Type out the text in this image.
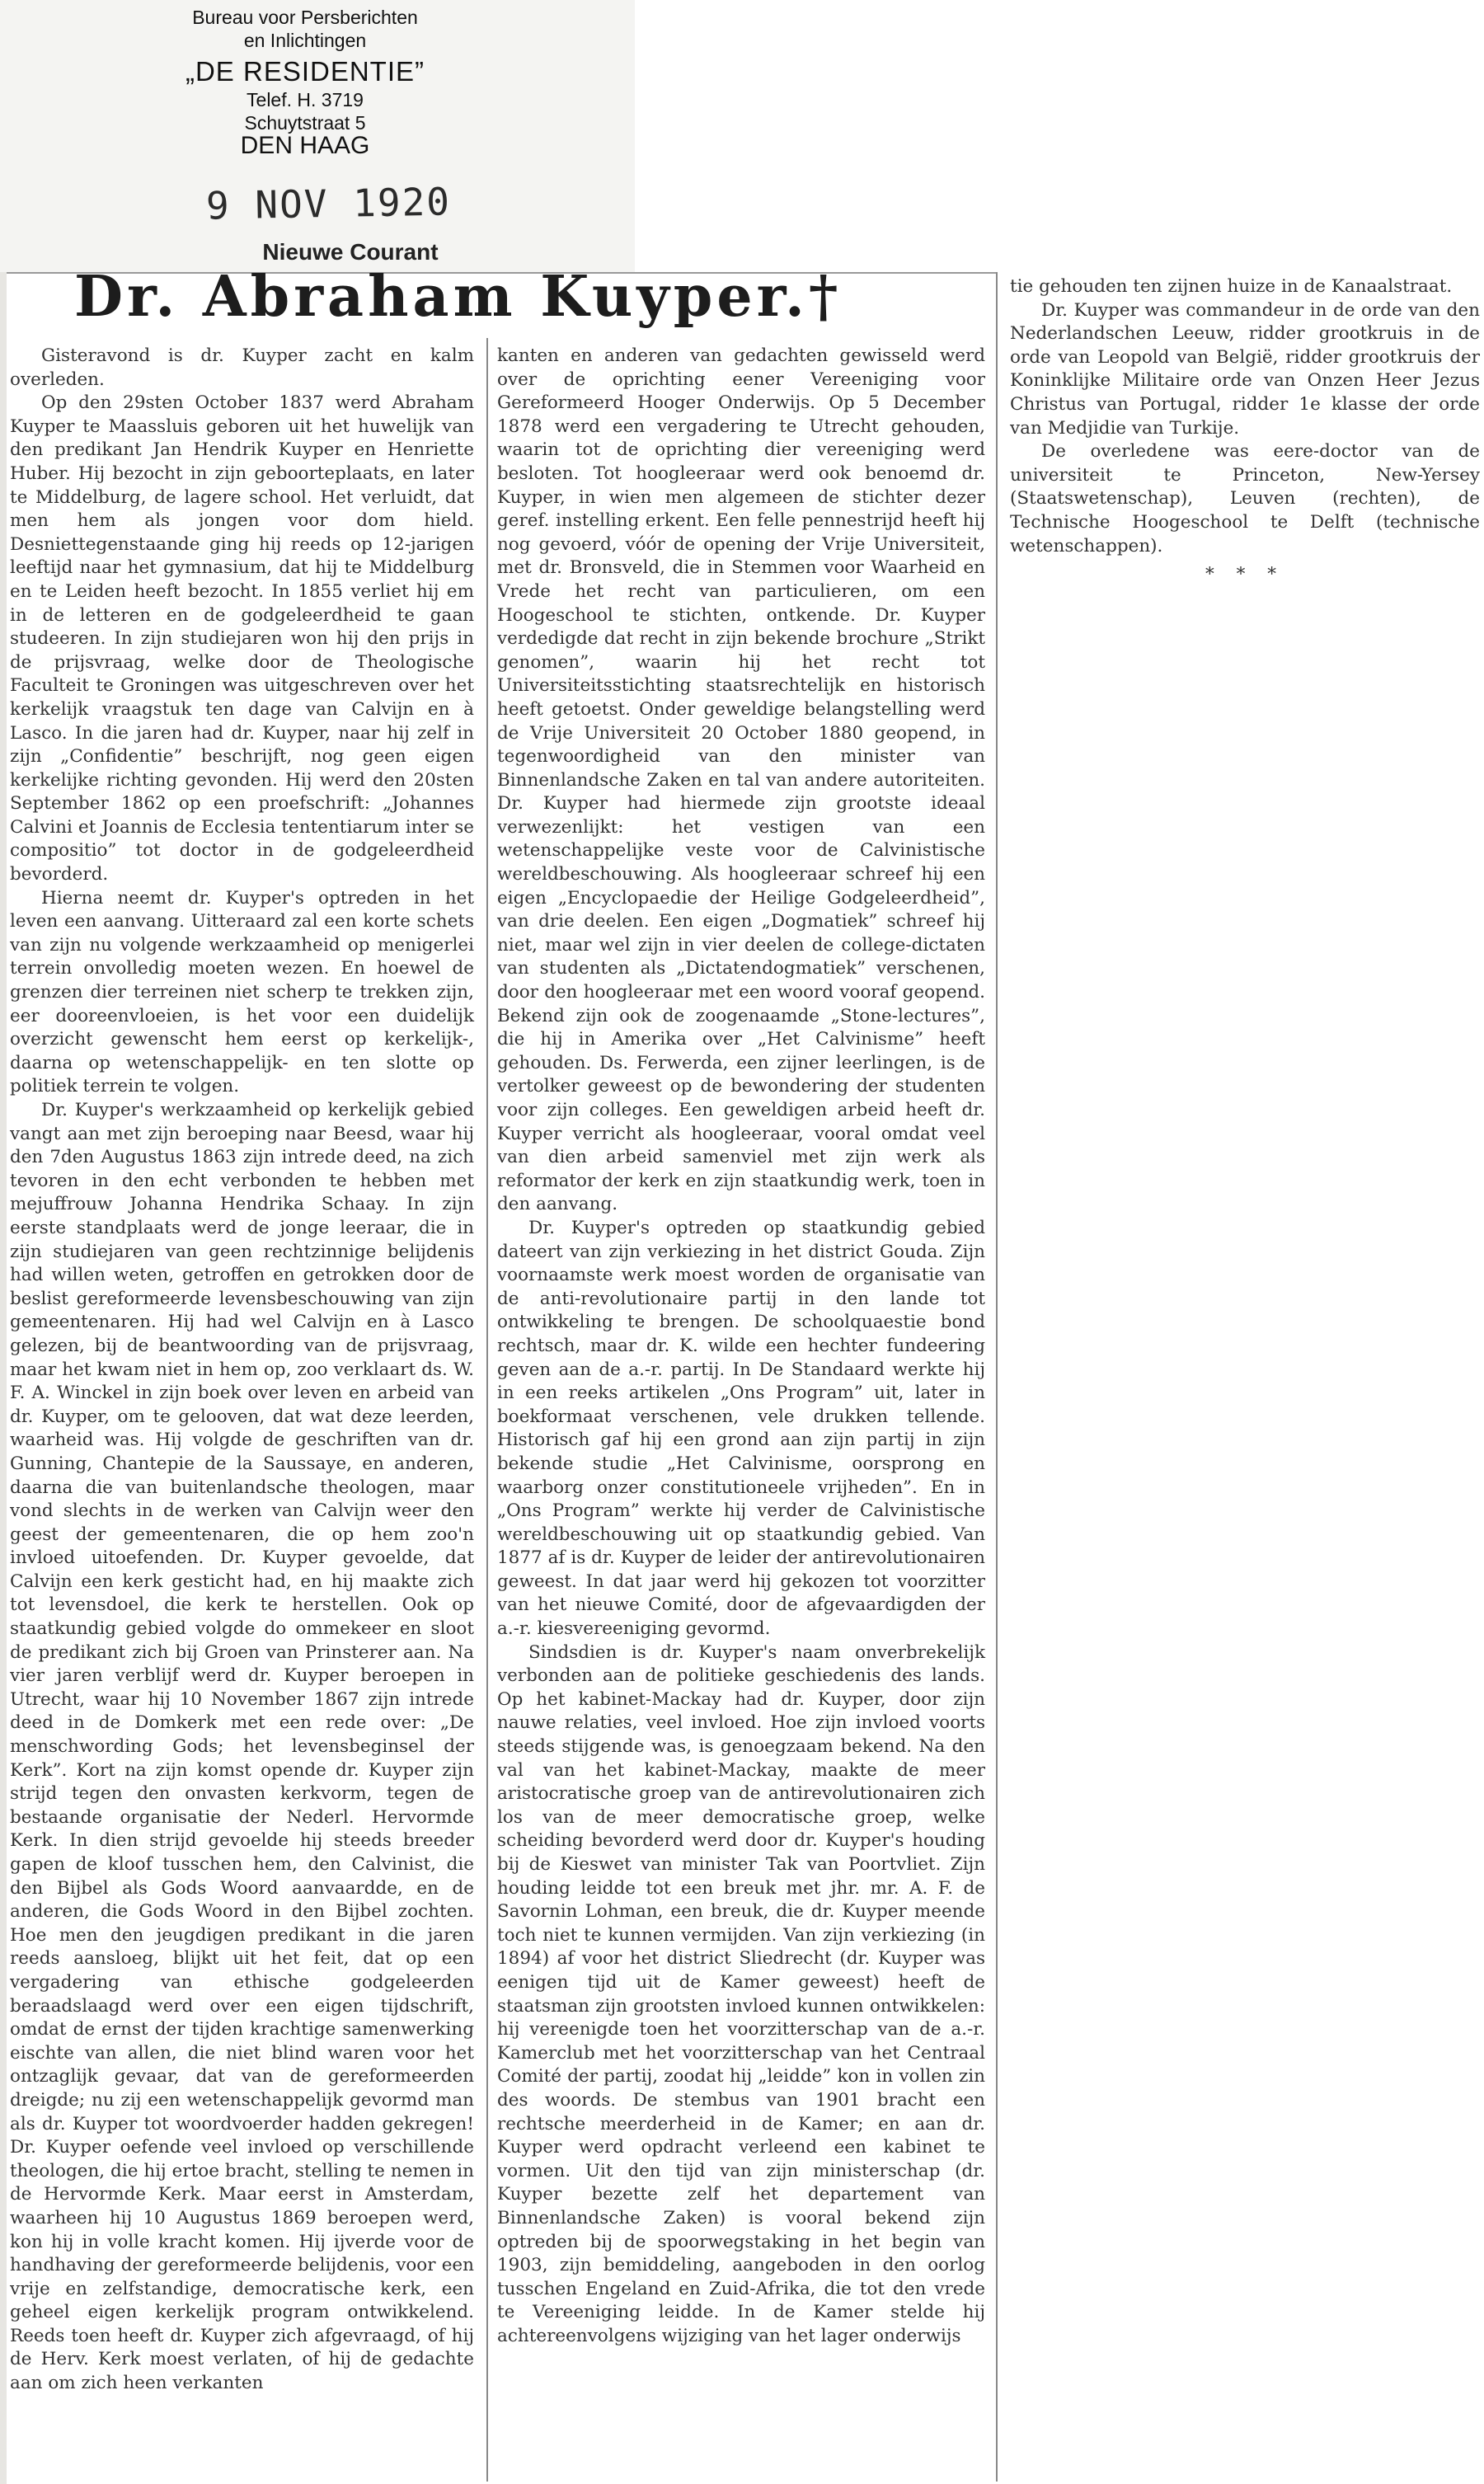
Bureau voor Persberichten
en Inlichtingen
„DE RESIDENTIE”
Telef. H. 3719
Schuytstraat 5
DEN HAAG
9 NOV 1920
Nieuwe Courant
Dr. Abraham Kuyper.†

Gisteravond is dr. Kuyper zacht en kalm overleden.

Op den 29sten October 1837 werd Abraham Kuyper te Maassluis geboren uit het huwelijk van den predikant Jan Hendrik Kuyper en Henriette Huber. Hij bezocht in zijn geboorteplaats, en later te Middelburg, de lagere school. Het verluidt, dat men hem als jongen voor dom hield. Desniettegenstaande ging hij reeds op 12-jarigen leeftijd naar het gymnasium, dat hij te Middelburg en te Leiden heeft bezocht. In 1855 verliet hij em in de letteren en de godgeleerdheid te gaan studeeren. In zijn studiejaren won hij den prijs in de prijsvraag, welke door de Theologische Faculteit te Groningen was uitgeschreven over het kerkelijk vraagstuk ten dage van Calvijn en à Lasco. In die jaren had dr. Kuyper, naar hij zelf in zijn „Confidentie” beschrijft, nog geen eigen kerkelijke richting gevonden. Hij werd den 20sten September 1862 op een proefschrift: „Johannes Calvini et Joannis de Ecclesia tententiarum inter se compositio” tot doctor in de godgeleerdheid bevorderd.

Hierna neemt dr. Kuyper's optreden in het leven een aanvang. Uitteraard zal een korte schets van zijn nu volgende werkzaamheid op menigerlei terrein onvolledig moeten wezen. En hoewel de grenzen dier terreinen niet scherp te trekken zijn, eer dooreenvloeien, is het voor een duidelijk overzicht gewenscht hem eerst op kerkelijk-, daarna op wetenschappelijk- en ten slotte op politiek terrein te volgen.

Dr. Kuyper's werkzaamheid op kerkelijk gebied vangt aan met zijn beroeping naar Beesd, waar hij den 7den Augustus 1863 zijn intrede deed, na zich tevoren in den echt verbonden te hebben met mejuffrouw Johanna Hendrika Schaay. In zijn eerste standplaats werd de jonge leeraar, die in zijn studiejaren van geen rechtzinnige belijdenis had willen weten, getroffen en getrokken door de beslist gereformeerde levensbeschouwing van zijn gemeentenaren. Hij had wel Calvijn en à Lasco gelezen, bij de beantwoording van de prijsvraag, maar het kwam niet in hem op, zoo verklaart ds. W. F. A. Winckel in zijn boek over leven en arbeid van dr. Kuyper, om te gelooven, dat wat deze leerden, waarheid was. Hij volgde de geschriften van dr. Gunning, Chantepie de la Saussaye, en anderen, daarna die van buitenlandsche theologen, maar vond slechts in de werken van Calvijn weer den geest der gemeentenaren, die op hem zoo'n invloed uitoefenden. Dr. Kuyper gevoelde, dat Calvijn een kerk gesticht had, en hij maakte zich tot levensdoel, die kerk te herstellen. Ook op staatkundig gebied volgde do ommekeer en sloot de predikant zich bij Groen van Prinsterer aan. Na vier jaren verblijf werd dr. Kuyper beroepen in Utrecht, waar hij 10 November 1867 zijn intrede deed in de Domkerk met een rede over: „De menschwording Gods; het levensbeginsel der Kerk”. Kort na zijn komst opende dr. Kuyper zijn strijd tegen den onvasten kerkvorm, tegen de bestaande organisatie der Nederl. Hervormde Kerk. In dien strijd gevoelde hij steeds breeder gapen de kloof tusschen hem, den Calvinist, die den Bijbel als Gods Woord aanvaardde, en de anderen, die Gods Woord in den Bijbel zochten. Hoe men den jeugdigen predikant in die jaren reeds aansloeg, blijkt uit het feit, dat op een vergadering van ethische godgeleerden beraadslaagd werd over een eigen tijdschrift, omdat de ernst der tijden krachtige samenwerking eischte van allen, die niet blind waren voor het ontzaglijk gevaar, dat van de gereformeerden dreigde; nu zij een wetenschappelijk gevormd man als dr. Kuyper tot woordvoerder hadden gekregen! Dr. Kuyper oefende veel invloed op verschillende theologen, die hij ertoe bracht, stelling te nemen in de Hervormde Kerk. Maar eerst in Amsterdam, waarheen hij 10 Augustus 1869 beroepen werd, kon hij in volle kracht komen. Hij ijverde voor de handhaving der gereformeerde belijdenis, voor een vrije en zelfstandige, democratische kerk, een geheel eigen kerkelijk program ontwikkelend. Reeds toen heeft dr. Kuyper zich afgevraagd, of hij de Herv. Kerk moest verlaten, of hij de gedachte aan om zich heen verkanten

kanten en anderen van gedachten gewisseld werd over de oprichting eener Vereeniging voor Gereformeerd Hooger Onderwijs. Op 5 December 1878 werd een vergadering te Utrecht gehouden, waarin tot de oprichting dier vereeniging werd besloten. Tot hoogleeraar werd ook benoemd dr. Kuyper, in wien men algemeen de stichter dezer geref. instelling erkent. Een felle pennestrijd heeft hij nog gevoerd, vóór de opening der Vrije Universiteit, met dr. Bronsveld, die in Stemmen voor Waarheid en Vrede het recht van particulieren, om een Hoogeschool te stichten, ontkende. Dr. Kuyper verdedigde dat recht in zijn bekende brochure „Strikt genomen”, waarin hij het recht tot Universiteitsstichting staatsrechtelijk en historisch heeft getoetst. Onder geweldige belangstelling werd de Vrije Universiteit 20 October 1880 geopend, in tegenwoordigheid van den minister van Binnenlandsche Zaken en tal van andere autoriteiten. Dr. Kuyper had hiermede zijn grootste ideaal verwezenlijkt: het vestigen van een wetenschappelijke veste voor de Calvinistische wereldbeschouwing. Als hoogleeraar schreef hij een eigen „Encyclopaedie der Heilige Godgeleerdheid”, van drie deelen. Een eigen „Dogmatiek” schreef hij niet, maar wel zijn in vier deelen de college-dictaten van studenten als „Dictatendogmatiek” verschenen, door den hoogleeraar met een woord vooraf geopend. Bekend zijn ook de zoogenaamde „Stone-lectures”, die hij in Amerika over „Het Calvinisme” heeft gehouden. Ds. Ferwerda, een zijner leerlingen, is de vertolker geweest op de bewondering der studenten voor zijn colleges. Een geweldigen arbeid heeft dr. Kuyper verricht als hoogleeraar, vooral omdat veel van dien arbeid samenviel met zijn werk als reformator der kerk en zijn staatkundig werk, toen in den aanvang.

Dr. Kuyper's optreden op staatkundig gebied dateert van zijn verkiezing in het district Gouda. Zijn voornaamste werk moest worden de organisatie van de anti-revolutionaire partij in den lande tot ontwikkeling te brengen. De schoolquaestie bond rechtsch, maar dr. K. wilde een hechter fundeering geven aan de a.-r. partij. In De Standaard werkte hij in een reeks artikelen „Ons Program” uit, later in boekformaat verschenen, vele drukken tellende. Historisch gaf hij een grond aan zijn partij in zijn bekende studie „Het Calvinisme, oorsprong en waarborg onzer constitutioneele vrijheden”. En in „Ons Program” werkte hij verder de Calvinistische wereldbeschouwing uit op staatkundig gebied. Van 1877 af is dr. Kuyper de leider der antirevolutionairen geweest. In dat jaar werd hij gekozen tot voorzitter van het nieuwe Comité, door de afgevaardigden der a.-r. kiesvereeniging gevormd.

Sindsdien is dr. Kuyper's naam onverbrekelijk verbonden aan de politieke geschiedenis des lands. Op het kabinet-Mackay had dr. Kuyper, door zijn nauwe relaties, veel invloed. Hoe zijn invloed voorts steeds stijgende was, is genoegzaam bekend. Na den val van het kabinet-Mackay, maakte de meer aristocratische groep van de antirevolutionairen zich los van de meer democratische groep, welke scheiding bevorderd werd door dr. Kuyper's houding bij de Kieswet van minister Tak van Poortvliet. Zijn houding leidde tot een breuk met jhr. mr. A. F. de Savornin Lohman, een breuk, die dr. Kuyper meende toch niet te kunnen vermijden. Van zijn verkiezing (in 1894) af voor het district Sliedrecht (dr. Kuyper was eenigen tijd uit de Kamer geweest) heeft de staatsman zijn grootsten invloed kunnen ontwikkelen: hij vereenigde toen het voorzitterschap van de a.-r. Kamerclub met het voorzitterschap van het Centraal Comité der partij, zoodat hij „leidde” kon in vollen zin des woords. De stembus van 1901 bracht een rechtsche meerderheid in de Kamer; en aan dr. Kuyper werd opdracht verleend een kabinet te vormen. Uit den tijd van zijn ministerschap (dr. Kuyper bezette zelf het departement van Binnenlandsche Zaken) is vooral bekend zijn optreden bij de spoorwegstaking in het begin van 1903, zijn bemiddeling, aangeboden in den oorlog tusschen Engeland en Zuid-Afrika, die tot den vrede te Vereeniging leidde. In de Kamer stelde hij achtereenvolgens wijziging van het lager onderwijs

tie gehouden ten zijnen huize in de Kanaalstraat.

Dr. Kuyper was commandeur in de orde van den Nederlandschen Leeuw, ridder grootkruis in de orde van Leopold van België, ridder grootkruis der Koninklijke Militaire orde van Onzen Heer Jezus Christus van Portugal, ridder 1e klasse der orde van Medjidie van Turkije.

De overledene was eere-doctor van de universiteit te Princeton, New-Yersey (Staatswetenschap), Leuven (rechten), de Technische Hoogeschool te Delft (technische wetenschappen).

* * *
